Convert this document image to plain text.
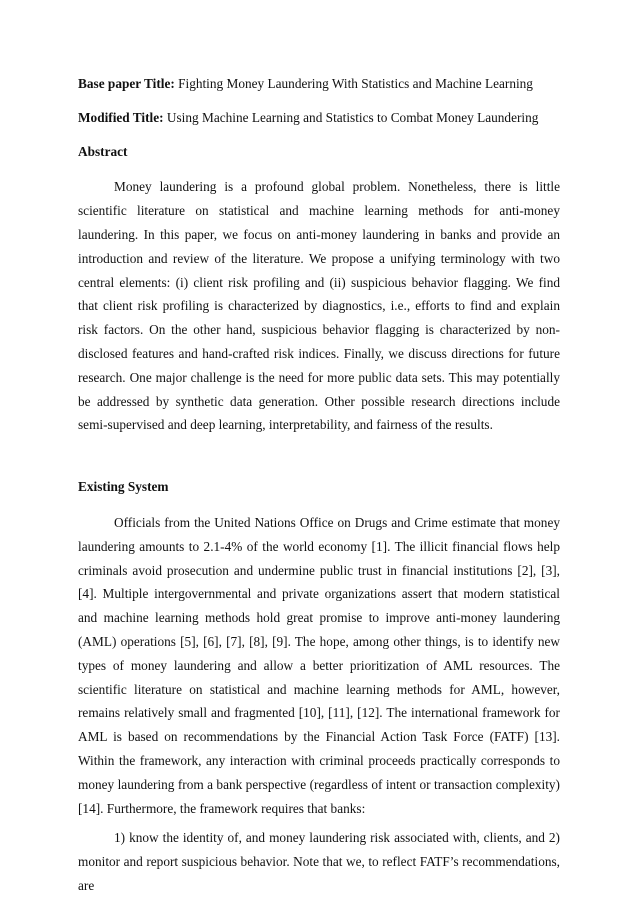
Base paper Title: Fighting Money Laundering With Statistics and Machine Learning

Modified Title: Using Machine Learning and Statistics to Combat Money Laundering

Abstract

Money laundering is a profound global problem. Nonetheless, there is little scientific literature on statistical and machine learning methods for anti-money laundering. In this paper, we focus on anti-money laundering in banks and provide an introduction and review of the literature. We propose a unifying terminology with two central elements: (i) client risk profiling and (ii) suspicious behavior flagging. We find that client risk profiling is characterized by diagnostics, i.e., efforts to find and explain risk factors. On the other hand, suspicious behavior flagging is characterized by non-disclosed features and hand-crafted risk indices. Finally, we discuss directions for future research. One major challenge is the need for more public data sets. This may potentially be addressed by synthetic data generation. Other possible research directions include semi-supervised and deep learning, interpretability, and fairness of the results.

Existing System

Officials from the United Nations Office on Drugs and Crime estimate that money laundering amounts to 2.1-4% of the world economy [1]. The illicit financial flows help criminals avoid prosecution and undermine public trust in financial institutions [2], [3], [4]. Multiple intergovernmental and private organizations assert that modern statistical and machine learning methods hold great promise to improve anti-money laundering (AML) operations [5], [6], [7], [8], [9]. The hope, among other things, is to identify new types of money laundering and allow a better prioritization of AML resources. The scientific literature on statistical and machine learning methods for AML, however, remains relatively small and fragmented [10], [11], [12]. The international framework for AML is based on recommendations by the Financial Action Task Force (FATF) [13]. Within the framework, any interaction with criminal proceeds practically corresponds to money laundering from a bank perspective (regardless of intent or transaction complexity) [14]. Furthermore, the framework requires that banks:

1) know the identity of, and money laundering risk associated with, clients, and 2) monitor and report suspicious behavior. Note that we, to reflect FATF’s recommendations, are
